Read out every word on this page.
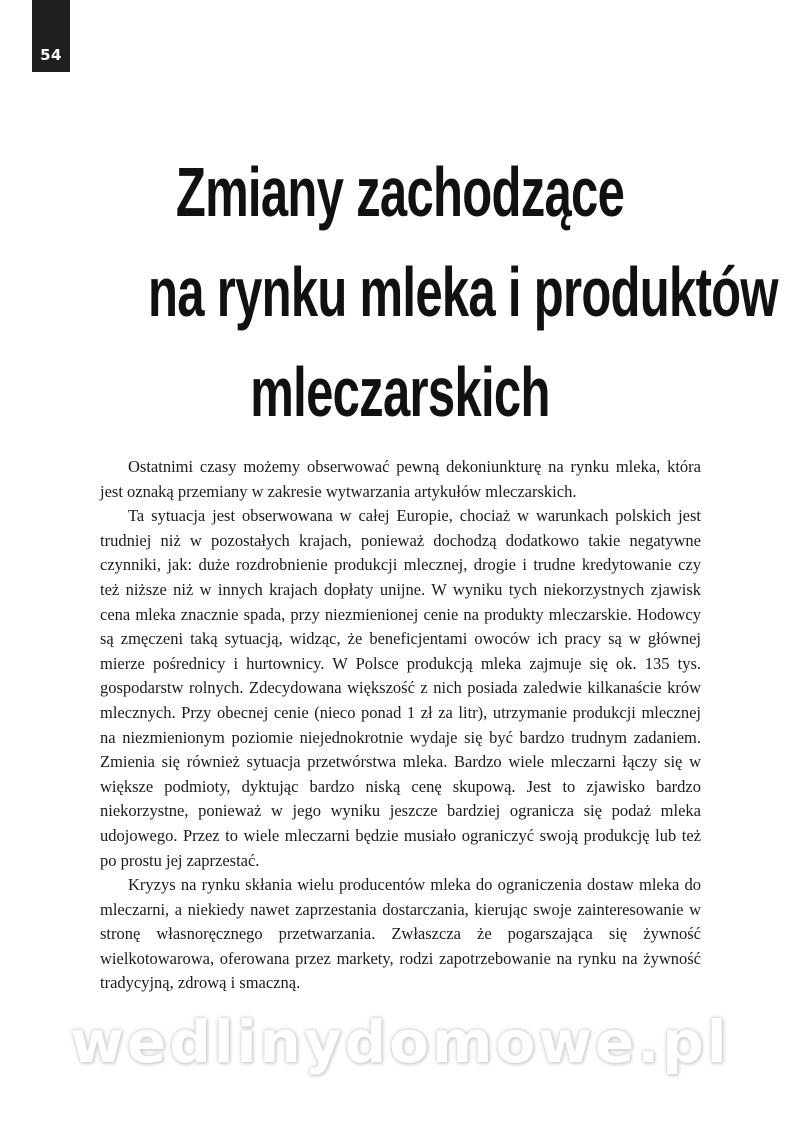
54
Zmiany zachodzące
na rynku mleka i produktów
mleczarskich

Ostatnimi czasy możemy obserwować pewną dekoniunkturę na rynku mleka, która jest oznaką przemiany w zakresie wytwarzania artykułów mleczarskich.

Ta sytuacja jest obserwowana w całej Europie, chociaż w warunkach polskich jest trudniej niż w pozostałych krajach, ponieważ dochodzą dodatkowo takie negatywne czynniki, jak: duże rozdrobnienie produkcji mlecznej, drogie i trudne kredytowanie czy też niższe niż w innych krajach dopłaty unijne. W wyniku tych niekorzystnych zjawisk cena mleka znacznie spada, przy niezmienionej cenie na produkty mleczarskie. Hodowcy są zmęczeni taką sytuacją, widząc, że beneficjentami owoców ich pracy są w głównej mierze pośrednicy i hurtownicy. W Polsce produkcją mleka zajmuje się ok. 135 tys. gospodarstw rolnych. Zdecydowana większość z nich posiada zaledwie kilkanaście krów mlecznych. Przy obecnej cenie (nieco ponad 1 zł za litr), utrzymanie produkcji mlecznej na niezmienionym poziomie niejednokrotnie wydaje się być bardzo trudnym zadaniem. Zmienia się również sytuacja przetwórstwa mleka. Bardzo wiele mleczarni łączy się w większe podmioty, dyktując bardzo niską cenę skupową. Jest to zjawisko bardzo niekorzystne, ponieważ w jego wyniku jeszcze bardziej ogranicza się podaż mleka udojowego. Przez to wiele mleczarni będzie musiało ograniczyć swoją produkcję lub też po prostu jej zaprzestać.

Kryzys na rynku skłania wielu producentów mleka do ograniczenia dostaw mleka do mleczarni, a niekiedy nawet zaprzestania dostarczania, kierując swoje zainteresowanie w stronę własnoręcznego przetwarzania. Zwłaszcza że pogarszająca się żywność wielkotowarowa, oferowana przez markety, rodzi zapotrzebowanie na rynku na żywność tradycyjną, zdrową i smaczną.

wedlinydomowe.pl
